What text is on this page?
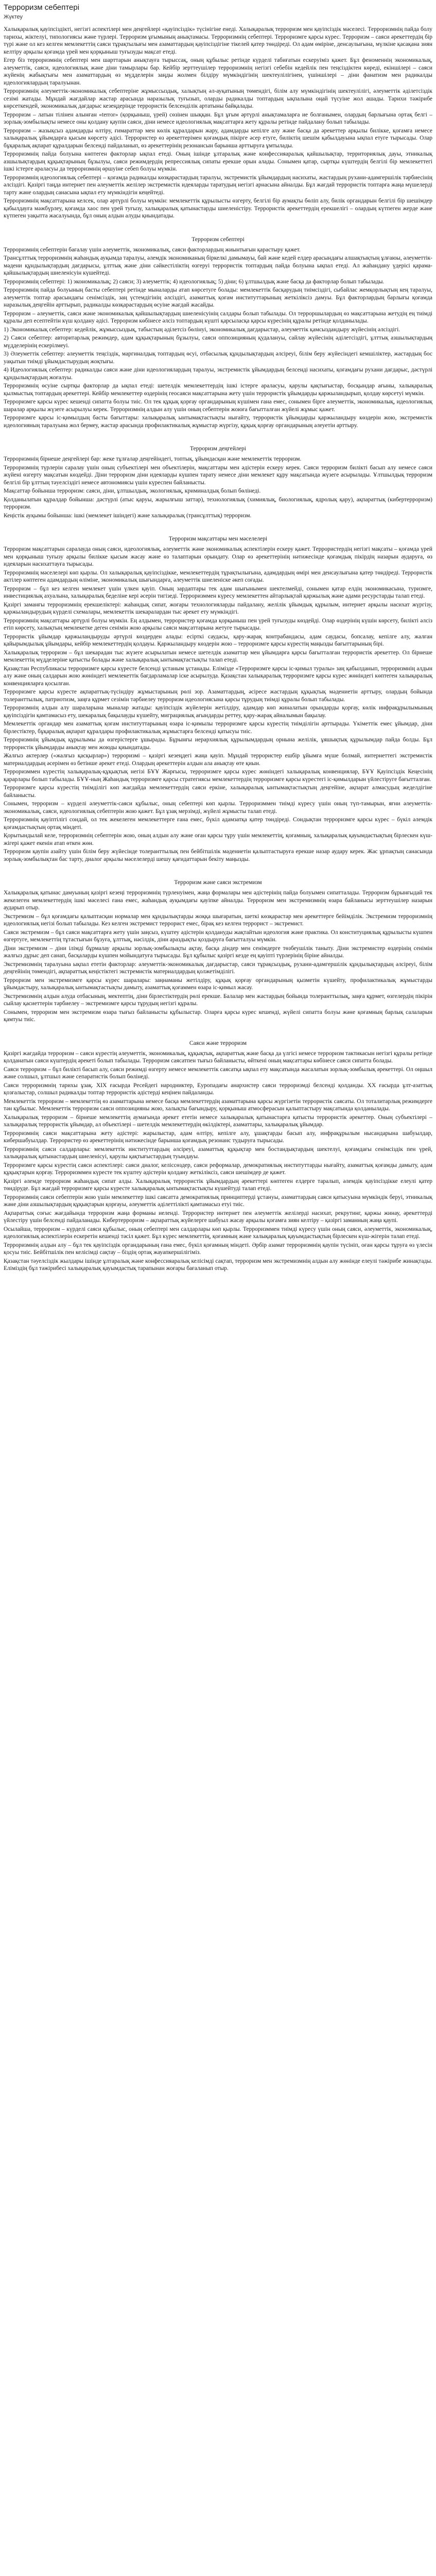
Терроризм себептері
Жүктеу

Халықаралық қауіпсіздікті, негізгі аспектілері мен деңгейлері «қауіпсіздік» түсінігіне енеді. Халықаралық терроризм мен қауіпсіздік мәселесі. Терроризмнің пайда болу тарихы, жіктелуі, типологиясы және түрлері. Терроризм ұғымының анықтамасы. Терроризмнің себептері. Терроризмге қарсы күрес. Терроризм – саяси әрекеттердің бір түрі және ол кез келген мемлекеттің саяси тұрақтылығы мен азаматтардың қауіпсіздігіне тікелей қатер төндіреді. Ол адам өміріне, денсаулығына, мүлкіне қасақана зиян келтіру арқылы қоғамда үрей мен қорқыныш туғызуды мақсат етеді.

Егер біз терроризмнің себептері мен шарттарын анықтауға тырыссақ, оның құбылыс ретінде күрделі табиғатын ескеруіміз қажет. Бұл феноменнің экономикалық, әлеуметтік, саяси, идеологиялық және діни тамырлары бар. Кейбір зерттеушілер терроризмнің негізгі себебін кедейлік пен теңсіздіктен көреді, екіншілері – саяси жүйенің жабықтығы мен азаматтардың өз мүдделерін заңды жолмен білдіру мүмкіндігінің шектеулілігінен, үшіншілері – діни фанатизм мен радикалды идеологиялардың таралуынан.

Терроризмнің әлеуметтік-экономикалық себептеріне жұмыссыздық, халықтың әл-ауқатының төмендігі, білім алу мүмкіндігінің шектеулілігі, әлеуметтік әділетсіздік сезімі жатады. Мұндай жағдайлар жастар арасында наразылық туғызып, оларды радикалды топтардың ықпалына оңай түсуіне жол ашады. Тарихи тәжірибе көрсеткендей, экономикалық дағдарыс кезеңдерінде террористік белсенділік артатыны байқалады.

Терроризм – латын тілінен алынған «terror» (қорқыныш, үрей) сөзінен шыққан. Бұл ұғым әртүрлі анықтамаларға ие болғанымен, олардың барлығына ортақ белгі – зорлық-зомбылықты немесе оны қолдану қаупін саяси, діни немесе идеологиялық мақсаттарға жету құралы ретінде пайдалану болып табылады.

Терроризм – жазықсыз адамдарды өлтіру, ғимараттар мен көлік құралдарын жару, адамдарды кепілге алу және басқа да әрекеттер арқылы билікке, қоғамға немесе халықаралық ұйымдарға қысым көрсету әдісі. Террористер өз әрекеттерімен қоғамдық пікірге әсер етуге, биліктің шешім қабылдауына ықпал етуге тырысады. Олар бұқаралық ақпарат құралдарын белсенді пайдаланып, өз әрекеттерінің резонансын барынша арттыруға ұмтылады.

Терроризмнің пайда болуына көптеген факторлар ықпал етеді. Оның ішінде ұлтаралық және конфессияаралық қайшылықтар, территориялық дауы, этникалық азшылықтардың құқықтарының бұзылуы, саяси режимдердің репрессиялық сипаты ерекше орын алады. Сонымен қатар, сыртқы күштердің белгілі бір мемлекеттегі ішкі істерге араласуы да терроризмнің өршуіне себеп болуы мүмкін.

Терроризмнің идеологиялық себептері – қоғамда радикалды көзқарастардың таралуы, экстремистік ұйымдардың насихаты, жастардың рухани-адамгершілік тәрбиесінің әлсіздігі. Қазіргі таңда интернет пен әлеуметтік желілер экстремистік идеяларды таратудың негізгі арнасына айналды. Бұл жағдай террористік топтарға жаңа мүшелерді тарту және олардың санасына ықпал ету мүмкіндігін кеңейтеді.

Терроризмнің мақсаттарына келсек, олар әртүрлі болуы мүмкін: мемлекеттік құрылысты өзгерту, белгілі бір аумақты бөліп алу, билік органдарын белгілі бір шешімдер қабылдауға мәжбүрлеу, қоғамда хаос пен үрей туғызу, халықаралық қатынастарды шиеленістіру. Террористік әрекеттердің ерекшелігі – олардың күтпеген жерде және күтпеген уақытта жасалуында, бұл оның алдын алуды қиындатады.

Терроризм себептері

Терроризмнің себептерін бағалау үшін әлеуметтік, экономикалық, саяси факторлардың жиынтығын қарастыру қажет.

Трансұлттық терроризмнің жаһандық ауқымда таралуы, әлемдік экономиканың біркелкі дамымауы, бай және кедей елдер арасындағы алшақтықтың ұлғаюы, әлеуметтік-мәдени құндылықтардың дағдарысы, ұлттық және діни сәйкестіліктің өзгеруі террористік топтардың пайда болуына ықпал етеді. Ал жаһандану үдерісі қарама-қайшылықтардың шиеленісуін күшейтеді.

Терроризмнің себептері: 1) экономикалық; 2) саяси; 3) әлеуметтік; 4) идеологиялық; 5) діни; 6) ұлтшылдық және басқа да факторлар болып табылады.

Терроризмнің пайда болуының басты себептері ретінде мыналарды атап көрсетуге болады: мемлекеттік басқарудың тиімсіздігі, сыбайлас жемқорлықтың кең таралуы, әлеуметтік топтар арасындағы сенімсіздік, заң үстемдігінің әлсіздігі, азаматтық қоғам институттарының жеткіліксіз дамуы. Бұл факторлардың барлығы қоғамда наразылық деңгейін арттырып, радикалды көзқарастардың өсуіне жағдай жасайды.

Терроризм – әлеуметтік, саяси және экономикалық қайшылықтардың шиеленісуінің салдары болып табылады. Ол терроршылардың өз мақсаттарына жетудің ең тиімді құралы деп есептейтін күш қолдану әдісі. Терроризм көбінесе әлсіз топтардың күшті қарсыласқа қарсы күресінің құралы ретінде қолданылады.

1) Экономикалық себептер: кедейлік, жұмыссыздық, табыстың әділетсіз бөлінуі, экономикалық дағдарыстар, әлеуметтік қамсыздандыру жүйесінің әлсіздігі.

2) Саяси себептер: авторитарлық режимдер, адам құқықтарының бұзылуы, саяси оппозицияның қудалануы, сайлау жүйесінің әділетсіздігі, ұлттық азшылықтардың мүдделерінің ескерілмеуі.

3) Әлеуметтік себептер: әлеуметтік теңсіздік, маргиналдық топтардың өсуі, отбасылық құндылықтардың әлсіреуі, білім беру жүйесіндегі кемшіліктер, жастардың бос уақытын тиімді ұйымдастырудың жоқтығы.

4) Идеологиялық себептер: радикалды саяси және діни идеологиялардың таралуы, экстремистік ұйымдардың белсенді насихаты, қоғамдағы рухани дағдарыс, дәстүрлі құндылықтардың жоғалуы.

Терроризмнің өсуіне сыртқы факторлар да ықпал етеді: шетелдік мемлекеттердің ішкі істерге араласуы, қарулы қақтығыстар, босқындар ағыны, халықаралық қылмыстық топтардың әрекеттері. Кейбір мемлекеттер өздерінің геосаяси мақсаттарына жету үшін террористік ұйымдарды қаржыландырып, қолдау көрсетуі мүмкін.

Терроризмге қарсы күрес кешенді сипатта болуы тиіс. Ол тек құқық қорғау органдарының күшімен ғана емес, сонымен бірге әлеуметтік, экономикалық, идеологиялық шаралар арқылы жүзеге асырылуы керек. Терроризмнің алдын алу үшін оның себептерін жоюға бағытталған жүйелі жұмыс қажет.

Терроризмге қарсы іс-қимылдың басты бағыттары: халықаралық ынтымақтастықты нығайту, террористік ұйымдарды қаржыландыру көздерін жою, экстремистік идеологияның таралуына жол бермеу, жастар арасында профилактикалық жұмыстар жүргізу, құқық қорғау органдарының әлеуетін арттыру.

Терроризм деңгейлері

Терроризмнің бірнеше деңгейлері бар: жеке тұлғалар деңгейіндегі, топтық, ұйымдасқан және мемлекеттік терроризм.

Терроризмнің түрлерін саралау үшін оның субъектілері мен объектілерін, мақсаттары мен әдістерін ескеру керек. Саяси терроризм билікті басып алу немесе саяси жүйені өзгерту мақсатын көздейді. Діни терроризм діни идеяларды күшпен тарату немесе діни мемлекет құру мақсатында жүзеге асырылады. Ұлтшылдық терроризм белгілі бір ұлттың тәуелсіздігі немесе автономиясы үшін күреспен байланысты.

Мақсаттар бойынша терроризм: саяси, діни, ұлтшылдық, экологиялық, криминалдық болып бөлінеді.

Қолданылатын құралдар бойынша: дәстүрлі (атыс қаруы, жарылғыш заттар), технологиялық (химиялық, биологиялық, ядролық қару), ақпараттық (кибертерроризм) терроризм.

Кеңістік ауқымы бойынша: ішкі (мемлекет ішіндегі) және халықаралық (трансұлттық) терроризм.

Терроризм мақсаттары мен мәселелері

Терроризм мақсаттарын саралауда оның саяси, идеологиялық, әлеуметтік және экономикалық аспектілерін ескеру қажет. Террористердің негізгі мақсаты – қоғамда үрей мен қорқыныш туғызу арқылы билікке қысым жасау және өз талаптарын орындату. Олар өз әрекеттерінің нәтижесінде қоғамдық пікірдің назарын аударуға, өз идеяларын насихаттауға тырысады.

Терроризмнің мәселелері көп қырлы. Ол халықаралық қауіпсіздікке, мемлекеттердің тұрақтылығына, адамдардың өмірі мен денсаулығына қатер төндіреді. Террористік актілер көптеген адамдардың өліміне, экономикалық шығындарға, әлеуметтік шиеленіске әкеп соғады.

Терроризм – бұл кез келген мемлекет үшін үлкен қауіп. Оның зардаптары тек адам шығынымен шектелмейді, сонымен қатар елдің экономикасына, туризмге, инвестициялық ахуалына, халықаралық беделіне кері әсерін тигізеді. Терроризммен күресу мемлекеттен айтарлықтай қаржылық және адами ресурстарды талап етеді.

Қазіргі заманғы терроризмнің ерекшеліктері: жаһандық сипат, жоғары технологияларды пайдалану, желілік ұйымдық құрылым, интернет арқылы насихат жүргізу, қаржыландырудың күрделі схемалары, мемлекеттік шекаралардан тыс әрекет ету мүмкіндігі.

Терроризмнің мақсаттары әртүрлі болуы мүмкін. Ең алдымен, террористер қоғамда қорқыныш пен үрей туғызуды көздейді. Олар өздерінің күшін көрсету, билікті әлсіз етіп көрсету, халықтың мемлекетке деген сенімін жою арқылы саяси мақсаттарына жетуге тырысады.

Террористік ұйымдар қаржыландыруды әртүрлі көздерден алады: есірткі саудасы, қару-жарақ контрабандасы, адам саудасы, бопсалау, кепілге алу, жалған қайырымдылық ұйымдары, кейбір мемлекеттердің қолдауы. Қаржыландыру көздерін жою – терроризмге қарсы күрестің маңызды бағыттарының бірі.

Халықаралық терроризм – бұл шекарадан тыс жүзеге асырылатын немесе шетелдік азаматтар мен ұйымдарға қарсы бағытталған террористік әрекеттер. Ол бірнеше мемлекеттің мүдделеріне қатысты болады және халықаралық ынтымақтастықты талап етеді.

Қазақстан Республикасы терроризмге қарсы күресте белсенді ұстаным ұстанады. Елімізде «Терроризмге қарсы іс-қимыл туралы» заң қабылданып, терроризмнің алдын алу және оның салдарын жою жөніндегі мемлекеттік бағдарламалар іске асырылуда. Қазақстан халықаралық терроризмге қарсы күрес жөніндегі көптеген халықаралық конвенцияларға қосылған.

Терроризмге қарсы күресте ақпараттық-түсіндіру жұмыстарының рөлі зор. Азаматтардың, әсіресе жастардың құқықтық мәдениетін арттыру, олардың бойында толеранттылық, патриотизм, заңға құрмет сезімін тәрбиелеу терроризм идеологиясына қарсы тұрудың тиімді құралы болып табылады.

Терроризмнің алдын алу шараларына мыналар жатады: қауіпсіздік жүйелерін жетілдіру, адамдар көп жиналатын орындарды қорғау, көлік инфрақұрылымының қауіпсіздігін қамтамасыз ету, шекаралық бақылауды күшейту, миграциялық ағындарды реттеу, қару-жарақ айналымын бақылау.

Мемлекеттік органдар мен азаматтық қоғам институттарының өзара іс-қимылы терроризмге қарсы күрестің тиімділігін арттырады. Үкіметтік емес ұйымдар, діни бірлестіктер, бұқаралық ақпарат құралдары профилактикалық жұмыстарға белсенді қатысуы тиіс.

Терроризмнің ұйымдық құрылымы да өзгерістерге ұшырады. Бұрынғы иерархиялық құрылымдардың орнына желілік, ұяшықтық құрылымдар пайда болды. Бұл террористік ұйымдарды анықтау мен жоюды қиындатады.

Жалғыз актерлер («жалғыз қасқырлар») терроризмі – қазіргі кезеңдегі жаңа қауіп. Мұндай террористер ешбір ұйымға мүше болмай, интернеттегі экстремистік материалдардың әсерімен өз бетінше әрекет етеді. Олардың әрекеттерін алдын ала анықтау өте қиын.

Терроризммен күрестің халықаралық-құқықтық негізі БҰҰ Жарғысы, терроризмге қарсы күрес жөніндегі халықаралық конвенциялар, БҰҰ Қауіпсіздік Кеңесінің қарарлары болып табылады. БҰҰ-ның Жаһандық терроризмге қарсы стратегиясы мемлекеттердің терроризмге қарсы күрестегі іс-қимылдарын үйлестіруге бағытталған.

Терроризмге қарсы күрестің тиімділігі көп жағдайда мемлекеттердің саяси еркіне, халықаралық ынтымақтастықтың деңгейіне, ақпарат алмасудың жеделдігіне байланысты.

Сонымен, терроризм – күрделі әлеуметтік-саяси құбылыс, оның себептері көп қырлы. Терроризммен тиімді күресу үшін оның түп-тамырын, яғни әлеуметтік-экономикалық, саяси, идеологиялық себептерін жою қажет. Бұл ұзақ мерзімді, жүйелі жұмысты талап етеді.

Терроризмнің қауіптілігі сондай, ол тек жекелеген мемлекеттерге ғана емес, бүкіл адамзатқа қатер төндіреді. Сондықтан терроризмге қарсы күрес – бүкіл әлемдік қоғамдастықтың ортақ міндеті.

Қорытындылай келе, терроризмнің себептерін жою, оның алдын алу және оған қарсы тұру үшін мемлекеттің, қоғамның, халықаралық қауымдастықтың бірлескен күш-жігері қажет екенін атап өткен жөн.

Терроризм қаупін азайту үшін білім беру жүйесінде толеранттылық пен бейбітшілік мәдениетін қалыптастыруға ерекше назар аудару керек. Жас ұрпақтың санасында зорлық-зомбылықтан бас тарту, диалог арқылы мәселелерді шешу қағидаттарын бекіту маңызды.

Терроризм және саяси экстремизм

Халықаралық қатынас дамуының қазіргі кезеңі терроризмнің түрленуімен, жаңа формалары мен әдістерінің пайда болуымен сипатталады. Терроризм бұрынғыдай тек жекелеген мемлекеттердің ішкі мәселесі ғана емес, жаһандық ауқымдағы қауіпке айналды. Терроризм мен экстремизмнің өзара байланысы зерттеушілер назарын аударып отыр.

Экстремизм – бұл қоғамдағы қалыптасқан нормалар мен құндылықтарды жоққа шығаратын, шеткі көзқарастар мен әрекеттерге бейімділік. Экстремизм терроризмнің идеологиялық негізі болып табылады. Кез келген экстремист террорист емес, бірақ кез келген террорист – экстремист.

Саяси экстремизм – бұл саяси мақсаттарға жету үшін заңсыз, күштеу әдістерін қолдануды жақтайтын идеология және практика. Ол конституциялық құрылысты күшпен өзгертуге, мемлекеттің тұтастығын бұзуға, ұлттық, нәсілдік, діни араздықты қоздыруға бағытталуы мүмкін.

Діни экстремизм – діни ілімді бұрмалау арқылы зорлық-зомбылықты ақтау, басқа діндер мен сенімдерге төзбеушілік таныту. Діни экстремистер өздерінің сенімін жалғыз дұрыс деп санап, басқаларды күшпен мойындатуға тырысады. Бұл құбылыс қазіргі кезде ең қауіпті түрлерінің біріне айналды.

Экстремизмнің таралуына ықпал ететін факторлар: әлеуметтік-экономикалық дағдарыстар, саяси тұрақсыздық, рухани-адамгершілік құндылықтардың әлсіреуі, білім деңгейінің төмендігі, ақпараттық кеңістіктегі экстремистік материалдардың қолжетімділігі.

Терроризм мен экстремизмге қарсы күрес шаралары: заңнаманы жетілдіру, құқық қорғау органдарының қызметін күшейту, профилактикалық жұмыстарды ұйымдастыру, халықаралық ынтымақтастықты дамыту, азаматтық қоғаммен өзара іс-қимыл жасау.

Экстремизмнің алдын алуда отбасының, мектептің, діни бірлестіктердің рөлі ерекше. Балалар мен жастардың бойында толеранттылық, заңға құрмет, өзгелердің пікірін сыйлау қасиеттерін тәрбиелеу – экстремизмге қарсы тұрудың негізгі құралы.

Сонымен, терроризм мен экстремизм өзара тығыз байланысты құбылыстар. Оларға қарсы күрес кешенді, жүйелі сипатта болуы және қоғамның барлық салаларын қамтуы тиіс.

Саяси және терроризм

Қазіргі жағдайда терроризм – саяси күрестің әлеуметтік, экономикалық, құқықтық, ақпараттық және басқа да үлгісі немесе терроризм тактикасын негізгі құралы ретінде қолданатын саяси күштердің әрекеті болып табылады. Терроризм саясатпен тығыз байланысты, өйткені оның мақсаттары көбінесе саяси сипатта болады.

Саяси терроризм – бұл билікті басып алу, саяси режимді өзгерту немесе мемлекеттік саясатқа ықпал ету мақсатында жасалатын зорлық-зомбылық әрекеттері. Ол оңшыл және солшыл, ұлтшыл және сепаратистік болып бөлінеді.

Саяси терроризмнің тарихы ұзақ. XIX ғасырда Ресейдегі народниктер, Еуропадағы анархистер саяси терроризмді белсенді қолданды. XX ғасырда ұлт-азаттық қозғалыстар, солшыл радикалды топтар террористік әдістерді кеңінен пайдаланды.

Мемлекеттік терроризм – мемлекеттің өз азаматтарына немесе басқа мемлекеттердің азаматтарына қарсы жүргізетін террористік саясаты. Ол тоталитарлық режимдерге тән құбылыс. Мемлекеттік терроризм саяси оппозицияны жою, халықты бағындыру, қорқыныш атмосферасын қалыптастыру мақсатында қолданылады.

Халықаралық терроризм – бірнеше мемлекеттің аумағында әрекет ететін немесе халықаралық қатынастарға қатысты террористік әрекеттер. Оның субъектілері – халықаралық террористік ұйымдар, ал объектілері – шетелдік мемлекеттердің өкілдіктері, азаматтары, халықаралық ұйымдар.

Терроризмнің саяси мақсаттарына жету әдістері: жарылыстар, адам өлтіру, кепілге алу, ұшақтарды басып алу, инфрақұрылым нысандарына шабуылдар, кибершабуылдар. Террористер өз әрекеттерінің нәтижесінде барынша қоғамдық резонанс тудыруға тырысады.

Терроризмнің саяси салдарлары: мемлекеттік институттардың әлсіреуі, азаматтық құқықтар мен бостандықтардың шектелуі, қоғамдағы сенімсіздік пен үрей, халықаралық қатынастардың шиеленісуі, қарулы қақтығыстардың туындауы.

Терроризмге қарсы күрестің саяси аспектілері: саяси диалог, келіссөздер, саяси реформалар, демократиялық институттарды нығайту, азаматтық қоғамды дамыту, адам құқықтарын қорғау. Терроризммен күресте тек күштеу әдістерін қолдану жеткіліксіз, саяси шешімдер де қажет.

Қазіргі әлемде терроризм жаһандық сипат алды. Халықаралық террористік ұйымдардың әрекеттері көптеген елдерге таралып, әлемдік қауіпсіздікке елеулі қатер төндіруде. Бұл жағдай терроризмге қарсы күресте халықаралық ынтымақтастықты күшейтуді талап етеді.

Терроризмнің саяси себептерін жою үшін мемлекеттер ішкі саясатта демократиялық принциптерді ұстануы, азаматтардың саяси қатысуына мүмкіндік беруі, этникалық және діни азшылықтардың құқықтарын қорғауы, әлеуметтік әділеттілікті қамтамасыз етуі тиіс.

Ақпараттық соғыс жағдайында терроризм жаңа форманы иеленді. Террористер интернет пен әлеуметтік желілерді насихат, рекрутинг, қаржы жинау, әрекеттерді үйлестіру үшін белсенді пайдаланады. Кибертерроризм – ақпараттық жүйелерге шабуыл жасау арқылы қоғамға зиян келтіру – қазіргі заманның жаңа қаупі.

Осылайша, терроризм – күрделі саяси құбылыс, оның себептері мен салдарлары көп қырлы. Терроризммен тиімді күресу үшін оның саяси, әлеуметтік, экономикалық, идеологиялық аспектілерін ескеретін кешенді тәсіл қажет. Бұл күрес мемлекеттің, қоғамның және халықаралық қауымдастықтың бірлескен күш-жігерін талап етеді.

Терроризмнің алдын алу – бұл тек қауіпсіздік органдарының ғана емес, бүкіл қоғамның міндеті. Әрбір азамат терроризмнің қаупін түсініп, оған қарсы тұруға өз үлесін қосуы тиіс. Бейбітшілік пен келісімді сақтау – біздің ортақ жауапкершілігіміз.

Қазақстан тәуелсіздік жылдары ішінде ұлтаралық және конфессияаралық келісімді сақтап, терроризм мен экстремизмнің алдын алу жөнінде елеулі тәжірибе жинақтады. Еліміздің бұл тәжірибесі халықаралық қауымдастық тарапынан жоғары бағаланып отыр.
